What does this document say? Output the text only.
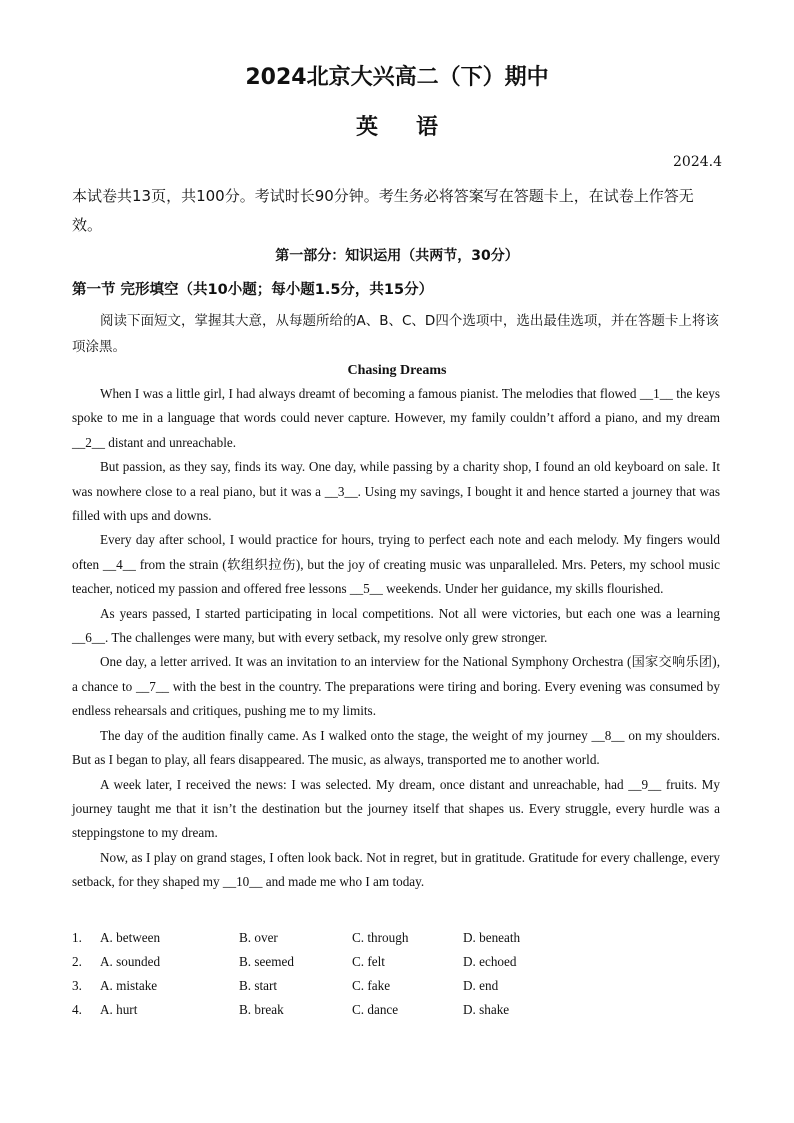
2024北京大兴高二（下）期中
英语
2024.4
本试卷共13页，共100分。考试时长90分钟。考生务必将答案写在答题卡上，在试卷上作答无效。
第一部分：知识运用（共两节，30分）
第一节 完形填空（共10小题；每小题1.5分，共15分）
阅读下面短文，掌握其大意，从每题所给的A、B、C、D四个选项中，选出最佳选项，并在答题卡上将该项涂黑。
Chasing Dreams

When I was a little girl, I had always dreamt of becoming a famous pianist. The melodies that flowed __1__ the keys spoke to me in a language that words could never capture. However, my family couldn’t afford a piano, and my dream __2__ distant and unreachable.

But passion, as they say, finds its way. One day, while passing by a charity shop, I found an old keyboard on sale. It was nowhere close to a real piano, but it was a __3__. Using my savings, I bought it and hence started a journey that was filled with ups and downs.

Every day after school, I would practice for hours, trying to perfect each note and each melody. My fingers would often __4__ from the strain (软组织拉伤), but the joy of creating music was unparalleled. Mrs. Peters, my school music teacher, noticed my passion and offered free lessons __5__ weekends. Under her guidance, my skills flourished.

As years passed, I started participating in local competitions. Not all were victories, but each one was a learning __6__. The challenges were many, but with every setback, my resolve only grew stronger.

One day, a letter arrived. It was an invitation to an interview for the National Symphony Orchestra (国家交响乐团), a chance to __7__ with the best in the country. The preparations were tiring and boring. Every evening was consumed by endless rehearsals and critiques, pushing me to my limits.

The day of the audition finally came. As I walked onto the stage, the weight of my journey __8__ on my shoulders. But as I began to play, all fears disappeared. The music, as always, transported me to another world.

A week later, I received the news: I was selected. My dream, once distant and unreachable, had __9__ fruits. My journey taught me that it isn’t the destination but the journey itself that shapes us. Every struggle, every hurdle was a steppingstone to my dream.

Now, as I play on grand stages, I often look back. Not in regret, but in gratitude. Gratitude for every challenge, every setback, for they shaped my __10__ and made me who I am today.

1. A. between	B. over	C. through	D. beneath
2. A. sounded	B. seemed	C. felt	D. echoed
3. A. mistake	B. start	C. fake	D. end
4. A. hurt	B. break	C. dance	D. shake
